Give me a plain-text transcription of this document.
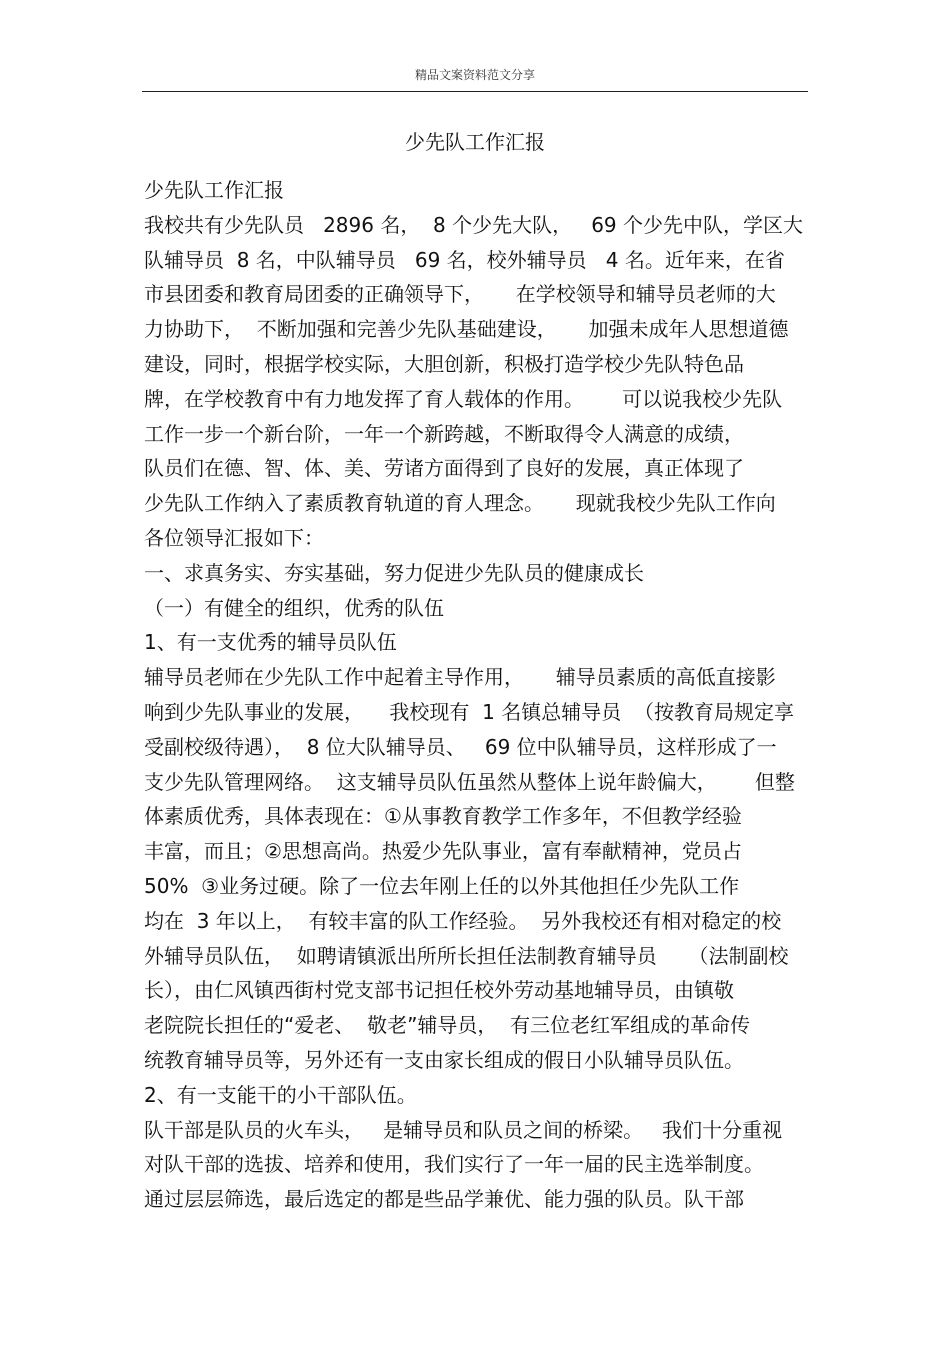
精品文案资料范文分享
少先队工作汇报
少先队工作汇报
我校共有少先队员   2896 名，  8 个少先大队，   69 个少先中队，学区大
队辅导员  8 名，中队辅导员   69 名，校外辅导员   4 名。近年来，在省
市县团委和教育局团委的正确领导下，     在学校领导和辅导员老师的大
力协助下，  不断加强和完善少先队基础建设，     加强未成年人思想道德
建设，同时，根据学校实际，大胆创新，积极打造学校少先队特色品
牌，在学校教育中有力地发挥了育人载体的作用。      可以说我校少先队
工作一步一个新台阶，一年一个新跨越，不断取得令人满意的成绩，
队员们在德、智、体、美、劳诸方面得到了良好的发展，真正体现了
少先队工作纳入了素质教育轨道的育人理念。     现就我校少先队工作向
各位领导汇报如下：
一、求真务实、夯实基础，努力促进少先队员的健康成长
（一）有健全的组织，优秀的队伍
1、有一支优秀的辅导员队伍
辅导员老师在少先队工作中起着主导作用，     辅导员素质的高低直接影
响到少先队事业的发展，    我校现有  1 名镇总辅导员  （按教育局规定享
受副校级待遇），  8 位大队辅导员、   69 位中队辅导员，这样形成了一
支少先队管理网络。  这支辅导员队伍虽然从整体上说年龄偏大，      但整
体素质优秀，具体表现在：①从事教育教学工作多年，不但教学经验
丰富，而且；②思想高尚。热爱少先队事业，富有奉献精神，党员占
50%  ③业务过硬。除了一位去年刚上任的以外其他担任少先队工作
均在  3 年以上，  有较丰富的队工作经验。  另外我校还有相对稳定的校
外辅导员队伍，  如聘请镇派出所所长担任法制教育辅导员     （法制副校
长），由仁风镇西街村党支部书记担任校外劳动基地辅导员，由镇敬
老院院长担任的“爱老、  敬老”辅导员，  有三位老红军组成的革命传
统教育辅导员等，另外还有一支由家长组成的假日小队辅导员队伍。
2、有一支能干的小干部队伍。
队干部是队员的火车头，   是辅导员和队员之间的桥梁。   我们十分重视
对队干部的选拔、培养和使用，我们实行了一年一届的民主选举制度。
通过层层筛选，最后选定的都是些品学兼优、能力强的队员。队干部
